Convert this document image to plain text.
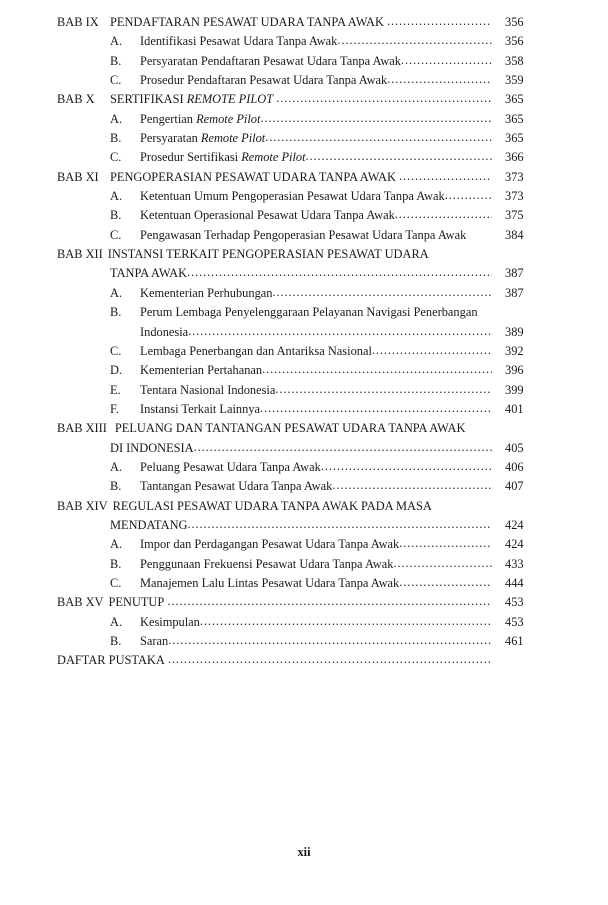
BAB IX PENDAFTARAN PESAWAT UDARA TANPA AWAK .....	356
A.	Identifikasi Pesawat Udara Tanpa Awak .....	356
B.	Persyaratan Pendaftaran Pesawat Udara Tanpa Awak .....	358
C.	Prosedur Pendaftaran Pesawat Udara Tanpa Awak .....	359
BAB X	SERTIFIKASI REMOTE PILOT .....	365
A.	Pengertian Remote Pilot .....	365
B.	Persyaratan Remote Pilot .....	365
C.	Prosedur Sertifikasi Remote Pilot .....	366
BAB XI PENGOPERASIAN PESAWAT UDARA TANPA AWAK .....	373
A.	Ketentuan Umum Pengoperasian Pesawat Udara Tanpa Awak .....	373
B.	Ketentuan Operasional Pesawat Udara Tanpa Awak .....	375
C.	Pengawasan Terhadap Pengoperasian Pesawat Udara Tanpa Awak	384
BAB XII INSTANSI TERKAIT PENGOPERASIAN PESAWAT UDARA
TANPA AWAK .....	387
A.	Kementerian Perhubungan .....	387
B.	Perum Lembaga Penyelenggaraan Pelayanan Navigasi Penerbangan
Indonesia .....	389
C.	Lembaga Penerbangan dan Antariksa Nasional .....	392
D.	Kementerian Pertahanan .....	396
E.	Tentara Nasional Indonesia .....	399
F.	Instansi Terkait Lainnya .....	401
BAB XIII PELUANG DAN TANTANGAN PESAWAT UDARA TANPA AWAK
DI INDONESIA .....	405
A.	Peluang Pesawat Udara Tanpa Awak .....	406
B.	Tantangan Pesawat Udara Tanpa Awak .....	407
BAB XIV REGULASI PESAWAT UDARA TANPA AWAK PADA MASA
MENDATANG .....	424
A.	Impor dan Perdagangan Pesawat Udara Tanpa Awak .....	424
B.	Penggunaan Frekuensi Pesawat Udara Tanpa Awak .....	433
C.	Manajemen Lalu Lintas Pesawat Udara Tanpa Awak .....	444
BAB XV PENUTUP .....	453
A.	Kesimpulan .....	453
B.	Saran .....	461
DAFTAR PUSTAKA
.....
xii
